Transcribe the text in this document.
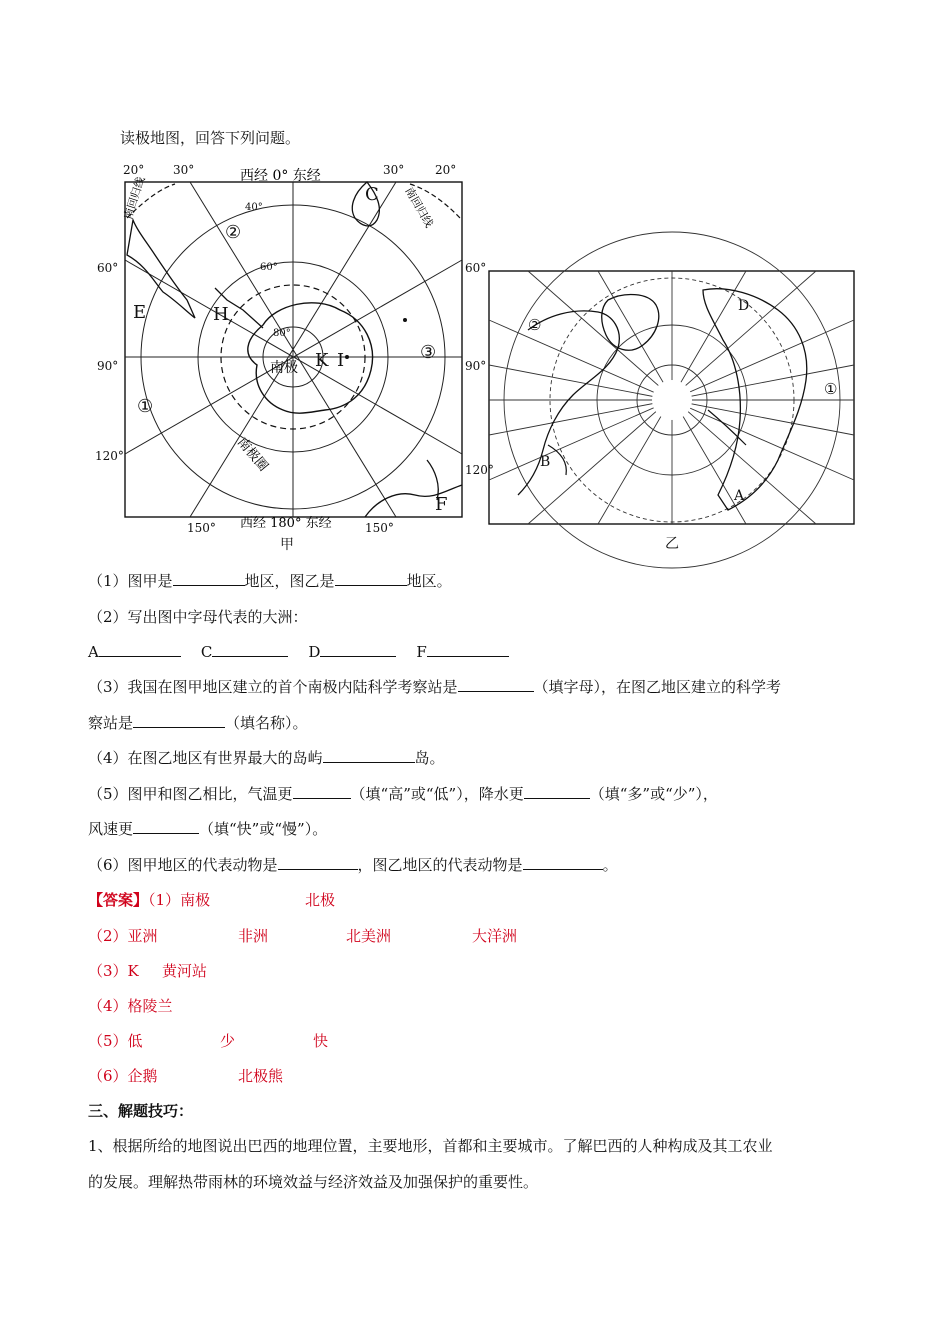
读极地图，回答下列问题。
20° 30°	30°	20°
60°	60°
90°	90°
120°
120°
150°	150°
40°
60°
80°
西经 0° 东经
西经 180° 东经
南回归线	南回归线
南极圈
南极
C
E	H
K I
F
①
②
③
甲
D
B
A
②
①
乙
（1）图甲是	地区，图乙是	地区。
（2）写出图中字母代表的大洲：
A	C	D	F
（3）我国在图甲地区建立的首个南极内陆科学考察站是	（填字母），在图乙地区建立的科学考
察站是	（填名称）。
（4）在图乙地区有世界最大的岛屿	岛。
（5）图甲和图乙相比，气温更	（填“高”或“低”），降水更	（填“多”或“少”），
风速更	（填“快”或“慢”）。
（6）图甲地区的代表动物是	，图乙地区的代表动物是	。
【答案】（1）南极	北极
（2）亚洲	非洲	北美洲	大洋洲
（3）K 黄河站
（4）格陵兰
（5）低	少	快
（6）企鹅	北极熊
三、解题技巧：
1、根据所给的地图说出巴西的地理位置，主要地形，首都和主要城市。了解巴西的人种构成及其工农业
的发展。理解热带雨林的环境效益与经济效益及加强保护的重要性。
